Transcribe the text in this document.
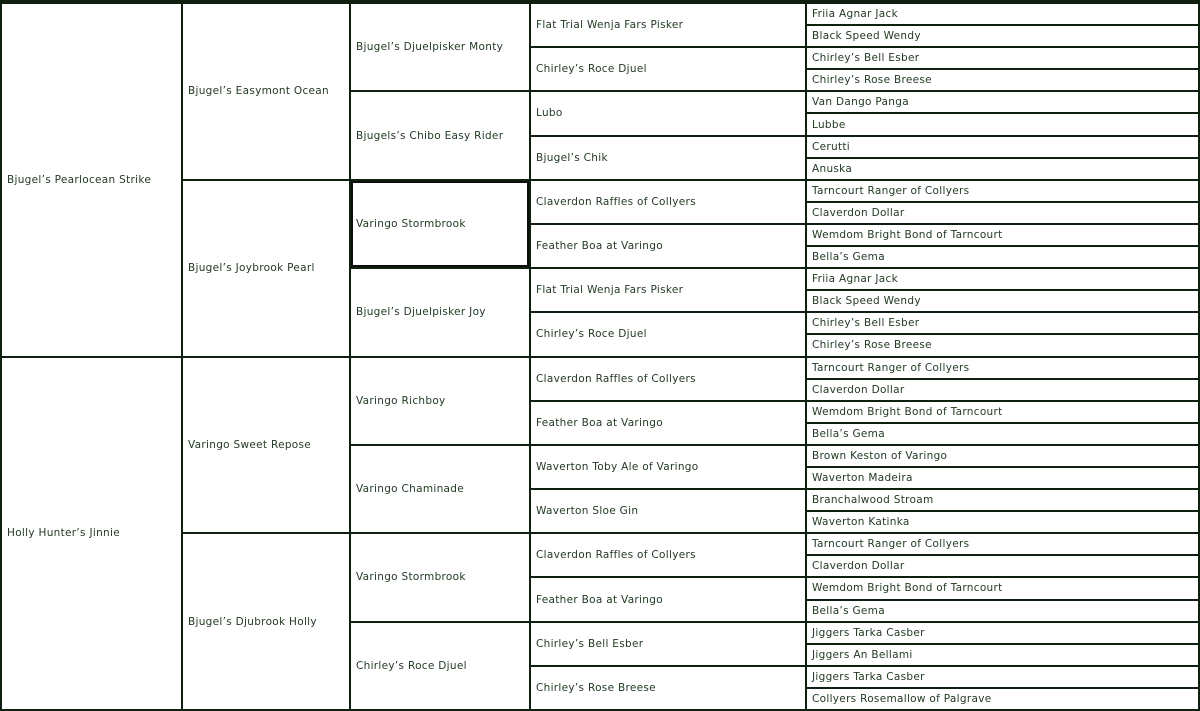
Bjugel’s Pearlocean Strike
Holly Hunter’s Jinnie
Bjugel’s Easymont Ocean
Bjugel’s Joybrook Pearl
Varingo Sweet Repose
Bjugel’s Djubrook Holly
Bjugel’s Djuelpisker Monty
Bjugels’s Chibo Easy Rider
Varingo Stormbrook
Bjugel’s Djuelpisker Joy
Varingo Richboy
Varingo Chaminade
Varingo Stormbrook
Chirley’s Roce Djuel
Flat Trial Wenja Fars Pisker
Chirley’s Roce Djuel
Lubo
Bjugel’s Chik
Claverdon Raffles of Collyers
Feather Boa at Varingo
Flat Trial Wenja Fars Pisker
Chirley’s Roce Djuel
Claverdon Raffles of Collyers
Feather Boa at Varingo
Waverton Toby Ale of Varingo
Waverton Sloe Gin
Claverdon Raffles of Collyers
Feather Boa at Varingo
Chirley’s Bell Esber
Chirley’s Rose Breese
Friia Agnar Jack
Black Speed Wendy
Chirley’s Bell Esber
Chirley’s Rose Breese
Van Dango Panga
Lubbe
Cerutti
Anuska
Tarncourt Ranger of Collyers
Claverdon Dollar
Wemdom Bright Bond of Tarncourt
Bella’s Gema
Friia Agnar Jack
Black Speed Wendy
Chirley’s Bell Esber
Chirley’s Rose Breese
Tarncourt Ranger of Collyers
Claverdon Dollar
Wemdom Bright Bond of Tarncourt
Bella’s Gema
Brown Keston of Varingo
Waverton Madeira
Branchalwood Stroam
Waverton Katinka
Tarncourt Ranger of Collyers
Claverdon Dollar
Wemdom Bright Bond of Tarncourt
Bella’s Gema
Jiggers Tarka Casber
Jiggers An Bellami
Jiggers Tarka Casber
Collyers Rosemallow of Palgrave
